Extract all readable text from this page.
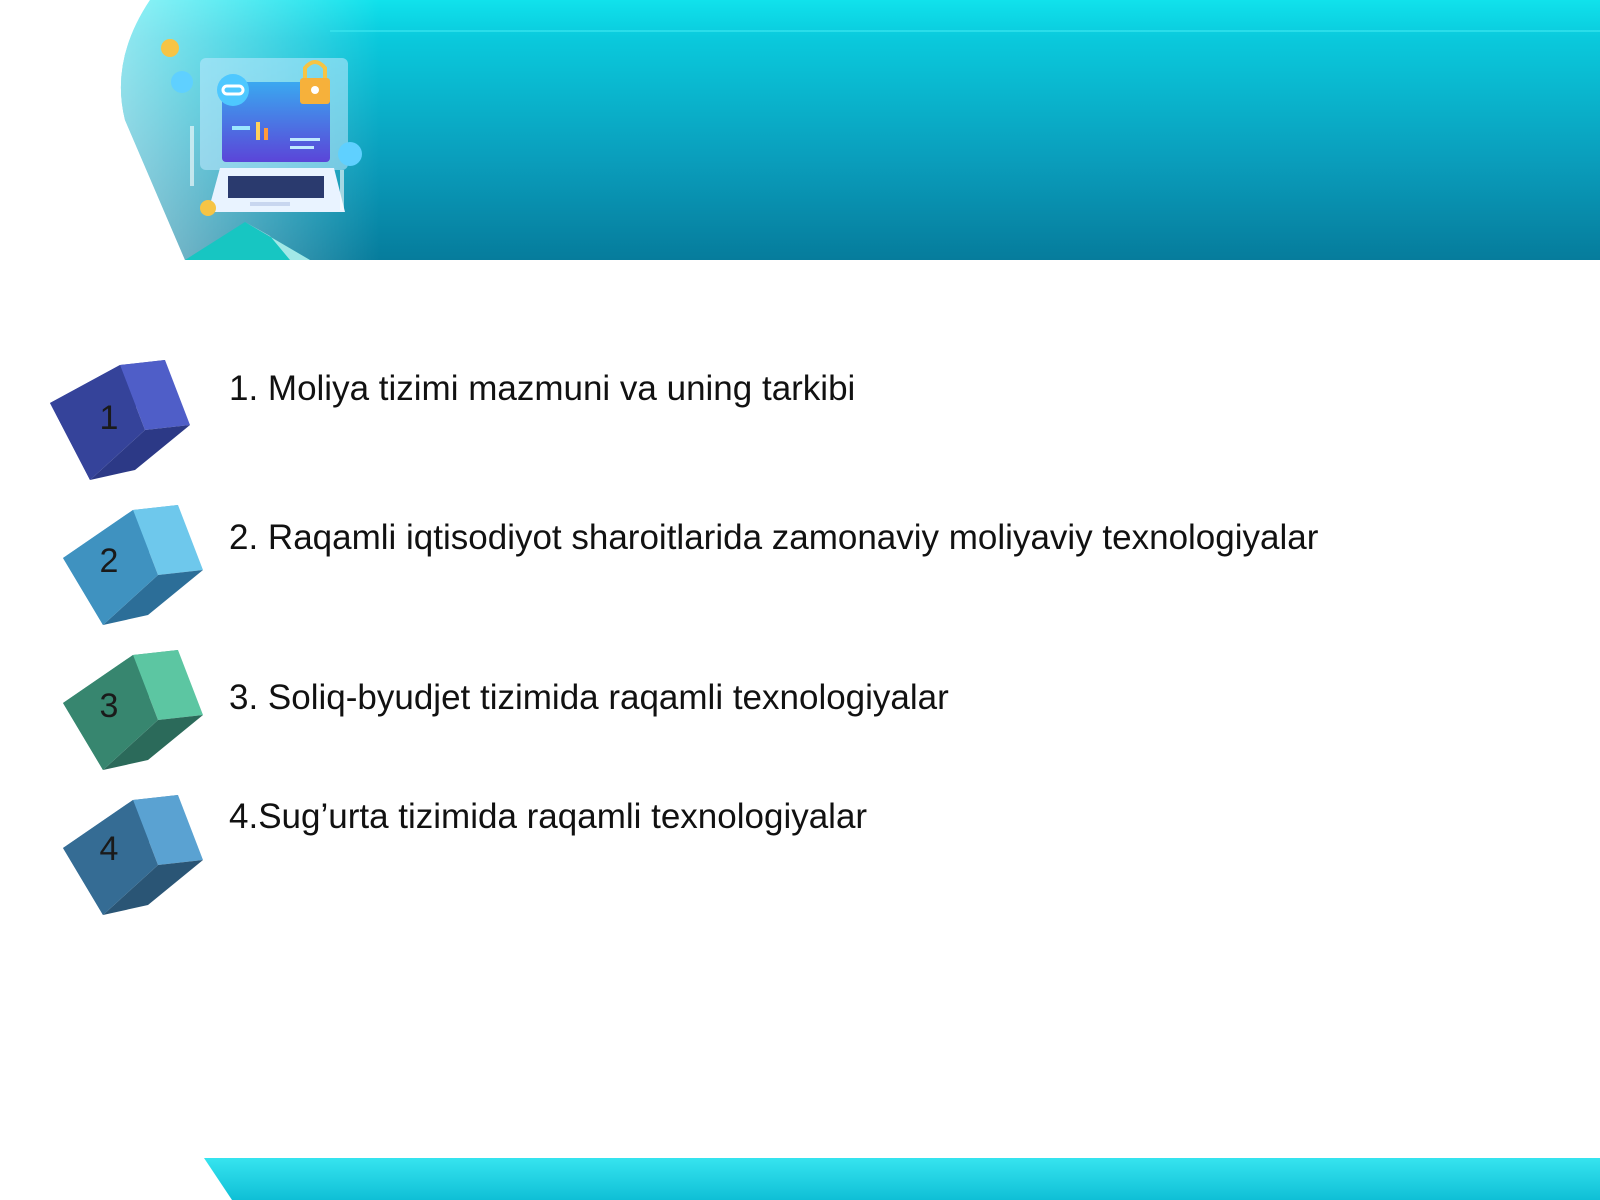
1
1. Moliya tizimi mazmuni va uning tarkibi
2
2. Raqamli iqtisodiyot sharoitlarida zamonaviy moliyaviy texnologiyalar
3	3. Soliq-byudjet tizimida raqamli texnologiyalar
4
4.Sug’urta tizimida raqamli texnologiyalar
